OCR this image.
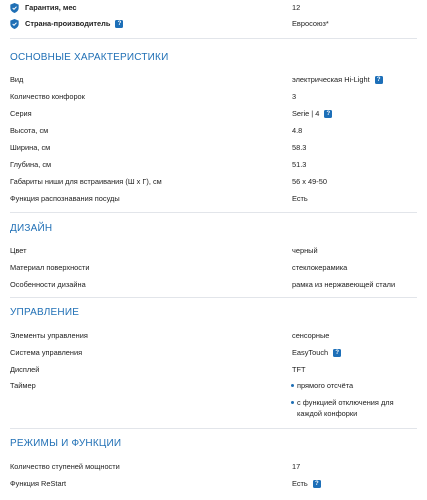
Гарантия, мес	12
Страна-производитель	?	Евросоюз*
ОСНОВНЫЕ ХАРАКТЕРИСТИКИ
Вид	электрическая Hi-Light	?
Количество конфорок	3
Серия	Serie | 4	?
Высота, см	4.8
Ширина, см	58.3
Глубина, см	51.3
Габариты ниши для встраивания (Ш х Г), см	56 х 49-50
Функция распознавания посуды	Есть
ДИЗАЙН
Цвет	черный
Материал поверхности	стеклокерамика
Особенности дизайна	рамка из нержавеющей стали
УПРАВЛЕНИЕ
Элементы управления	сенсорные
Система управления	EasyTouch	?
Дисплей	TFT
Таймер	прямого отсчёта
с функцией отключения для каждой конфорки
РЕЖИМЫ И ФУНКЦИИ
Количество ступеней мощности	17
Функция ReStart	Есть	?
